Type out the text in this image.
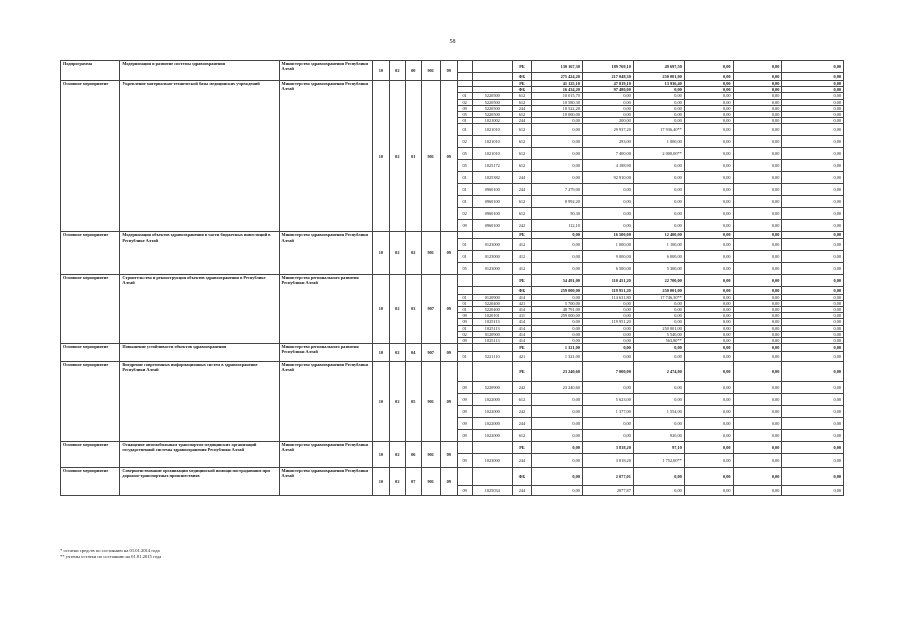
58
Подпрограмма	Модернизация и развитие системы здравоохранения	Министерство здравоохранения Республики Алтай	10	02	00	901	09			РБ	130 167,30	189 769,10	49 697,50	0,00	0,00	0,00
										ФБ	275 424,20	217 048,30	250 001,00	0,00	0,00	0,00
Основное мероприятие	Укрепление материально-технической базы медицинских учреждений	Министерство здравоохранения Республики Алтай	10	02	01	901	09			РБ	41 125,10	47 819,10	13 936,40	0,00	0,00	0,00
										ФБ	16 434,20	97 480,00	0,00	0,00	0,00	0,00
								01	5220500	612	10 015,70	0,00	0,00	0,00	0,00	0,00
								02	5220500	612	10 580,30	0,00	0,00	0,00	0,00	0,00
								09	5220500	244	10 522,20	0,00	0,00	0,00	0,00	0,00
								05	5220500	612	10 000,00	0,00	0,00	0,00	0,00	0,00
								01	1021002	244	0,00	200,00	0,00	0,00	0,00	0,00
								01	1021010	612	0,00	29 937,20	17 936,40**	0,00	0,00	0,00
								02	1021010	612	0,00	293,00	1 000,00	0,00	0,00	0,00
								05	1021010	612	0,00	7 400,00	2 000,00**	0,00	0,00	0,00
								05	1025172	612	0,00	4 188,90	0,00	0,00	0,00	0,00
								01	1025382	244	0,00	92 910,00	0,00	0,00	0,00	0,00
								01	0960100	244	7 279,00	0,00	0,00	0,00	0,00	0,00
								01	0960100	612	8 992,20	0,00	0,00	0,00	0,00	0,00
								02	0960100	612	50,30	0,00	0,00	0,00	0,00	0,00
								09	0960100	242	112,10	0,00	0,00	0,00	0,00	0,00
Основное мероприятие	Модернизация объектов здравоохранения в части бюджетных инвестиций в Республике Алтай	Министерство здравоохранения Республики Алтай	10	02	02	901	09			РБ	0,00	16 500,00	12 400,00	0,00	0,00	0,00
								01	0123000	412	0,00	1 000,00	1 100,00	0,00	0,00	0,00
								01	0123000	412	0,00	9 000,00	6 000,00	0,00	0,00	0,00
								05	0123000	412	0,00	6 500,00	5 300,00	0,00	0,00	0,00
Основное мероприятие	Строительство и реконструкция объектов здравоохранения в Республике Алтай	Министерство регионального развития Республики Алтай	10	02	03	907	09			РБ	54 491,00	110 451,20	22 700,00	0,00	0,00	0,00
										ФБ	259 000,00	119 951,20	250 001,00	0,00	0,00	0,00
								01	0120900	414	0,00	114 631,80	17 746,30**	0,00	0,00	0,00
								01	5220400	421	5 700,00	0,00	0,00	0,00	0,00	0,00
								01	5220400	414	48 791,00	0,00	0,00	0,00	0,00	0,00
								09	1020101	411	259 000,00	0,00	0,00	0,00	0,00	0,00
								09	1025113	414	0,00	119 951,20	0,00	0,00	0,00	0,00
								01	1025113	414	0,00	0,00	250 001,00	0,00	0,00	0,00
								02	0120900	414	0,00	0,00	5 540,00	0,00	0,00	0,00
								09	1025113	414	0,00	0,00	563,80**	0,00	0,00	0,00
Основное мероприятие	Повышение устойчивости объектов здравоохранения	Министерство регионального развития Республики Алтай	10	02	04	907	09			РБ	1 321,00	0,00	0,00	0,00	0,00	0,00
								01	5221110	421	1 321,00	0,00	0,00	0,00	0,00	0,00
Основное мероприятие	Внедрение современных информационных систем в здравоохранение Республики Алтай	Министерство здравоохранения Республики Алтай	10	02	05	901	09			РБ	23 240,60	7 000,00	2 474,00	0,00	0,00	0,00
								09	5220900	242	23 240,60	0,00	0,00	0,00	0,00	0,00
								09	1022000	612	0,00	5 623,00	0,00	0,00	0,00	0,00
								09	1022000	242	0,00	1 377,00	1 554,00	0,00	0,00	0,00
								09	1022000	244	0,00	0,00	0,00	0,00	0,00	0,00
								09	1022000	612	0,00	0,00	920,00	0,00	0,00	0,00
Основное мероприятие	Оснащение автомобильным транспортом медицинских организаций государственной системы здравоохранения Республики Алтай	Министерство здравоохранения Республики Алтай	10	02	06	901	09			РБ	0,00	3 818,20	97,10	0,00	0,00	0,00
								09	1023000	244	0,00	3 818,20	1 752,00**	0,00	0,00	0,00
Основное мероприятие	Совершенствование организации медицинской помощи пострадавшим при дорожно-транспортных происшествиях	Министерство здравоохранения Республики Алтай	10	02	07	901	09			ФБ	0,00	2 077,01	0,00	0,00	0,00	0,00
								09	1025034	244	0,00	2077,87	0,00	0,00	0,00	0,00
* остатки средств по состоянию на 01.01.2014 года
** учтены остатки по состоянию на 01.01.2015 года
